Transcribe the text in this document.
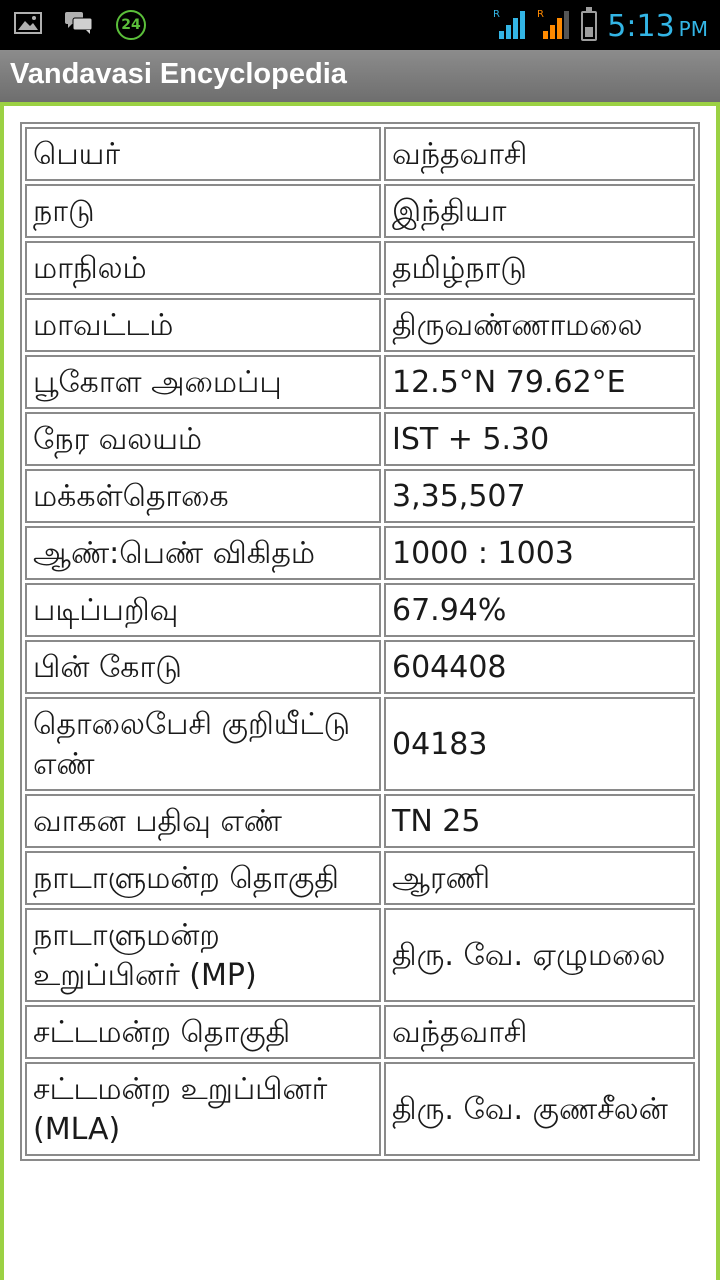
24
R	R 5:13 PM
Vandavasi Encyclopedia
பெயர்	வந்தவாசி
நாடு	இந்தியா
மாநிலம்	தமிழ்நாடு
மாவட்டம்	திருவண்ணாமலை
பூகோள அமைப்பு	12.5°N 79.62°E
நேர வலயம்	IST + 5.30
மக்கள்தொகை	3,35,507
ஆண்:பெண் விகிதம்	1000 : 1003
படிப்பறிவு	67.94%
பின் கோடு	604408
தொலைபேசி குறியீட்டு எண்	04183
வாகன பதிவு எண்	TN 25
நாடாளுமன்ற தொகுதி	ஆரணி
நாடாளுமன்ற உறுப்பினர் (MP)	திரு. வே. ஏழுமலை
சட்டமன்ற தொகுதி	வந்தவாசி
சட்டமன்ற உறுப்பினர் (MLA)	திரு. வே. குணசீலன்
